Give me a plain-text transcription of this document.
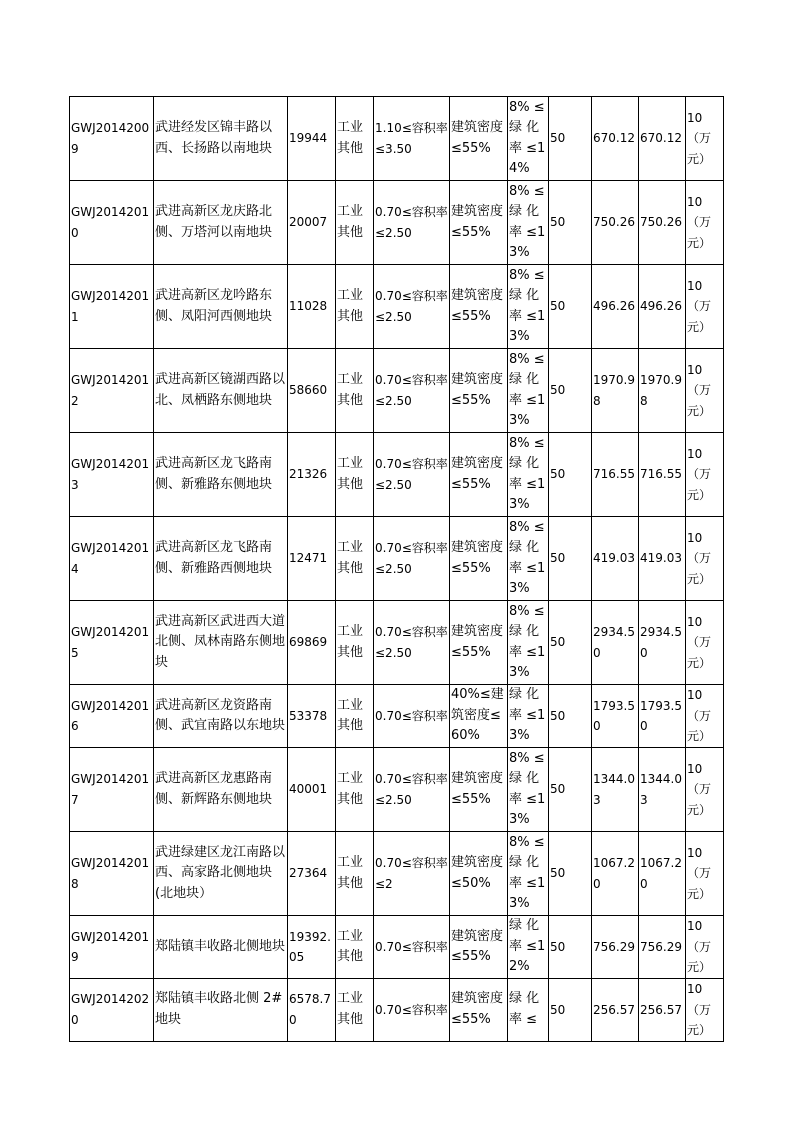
GWJ20142009	武进经发区锦丰路以西、长扬路以南地块	19944	工业其他	1.10≤容积率≤3.50	建筑密度≤55%	8% ≤绿 化率 ≤14%	50	670.12	670.12	10（万元）

GWJ20142010	武进高新区龙庆路北侧、万塔河以南地块	20007	工业其他	0.70≤容积率≤2.50	建筑密度≤55%	8% ≤绿 化率 ≤13%	50	750.26	750.26	10（万元）

GWJ20142011	武进高新区龙吟路东侧、凤阳河西侧地块	11028	工业其他	0.70≤容积率≤2.50	建筑密度≤55%	8% ≤绿 化率 ≤13%	50	496.26	496.26	10（万元）

GWJ20142012	武进高新区镜湖西路以北、凤栖路东侧地块	58660	工业其他	0.70≤容积率≤2.50	建筑密度≤55%	8% ≤绿 化率 ≤13%	50	1970.98	1970.98	10（万元）

GWJ20142013	武进高新区龙飞路南侧、新雅路东侧地块	21326	工业其他	0.70≤容积率≤2.50	建筑密度≤55%	8% ≤绿 化率 ≤13%	50	716.55	716.55	10（万元）

GWJ20142014	武进高新区龙飞路南侧、新雅路西侧地块	12471	工业其他	0.70≤容积率≤2.50	建筑密度≤55%	8% ≤绿 化率 ≤13%	50	419.03	419.03	10（万元）

GWJ20142015	武进高新区武进西大道北侧、凤林南路东侧地块	69869	工业其他	0.70≤容积率≤2.50	建筑密度≤55%	8% ≤绿 化率 ≤13%	50	2934.50	2934.50	10（万元）

GWJ20142016	武进高新区龙资路南侧、武宜南路以东地块	53378	工业其他	0.70≤容积率	40%≤建筑密度≤60%	绿 化率 ≤13%	50	1793.50	1793.50	10（万元）

GWJ20142017	武进高新区龙惠路南侧、新辉路东侧地块	40001	工业其他	0.70≤容积率≤2.50	建筑密度≤55%	8% ≤绿 化率 ≤13%	50	1344.03	1344.03	10（万元）

GWJ20142018	武进绿建区龙江南路以西、高家路北侧地块(北地块）	27364	工业其他	0.70≤容积率≤2	建筑密度≤50%	8% ≤绿 化率 ≤13%	50	1067.20	1067.20	10（万元）

GWJ20142019	郑陆镇丰收路北侧地块	19392.05	工业其他	0.70≤容积率	建筑密度≤55%	绿 化率 ≤12%	50	756.29	756.29	10（万元）

GWJ20142020	郑陆镇丰收路北侧 2#地块	6578.70	工业其他	0.70≤容积率	建筑密度≤55%	绿 化率 ≤	50	256.57	256.57	10（万元）
